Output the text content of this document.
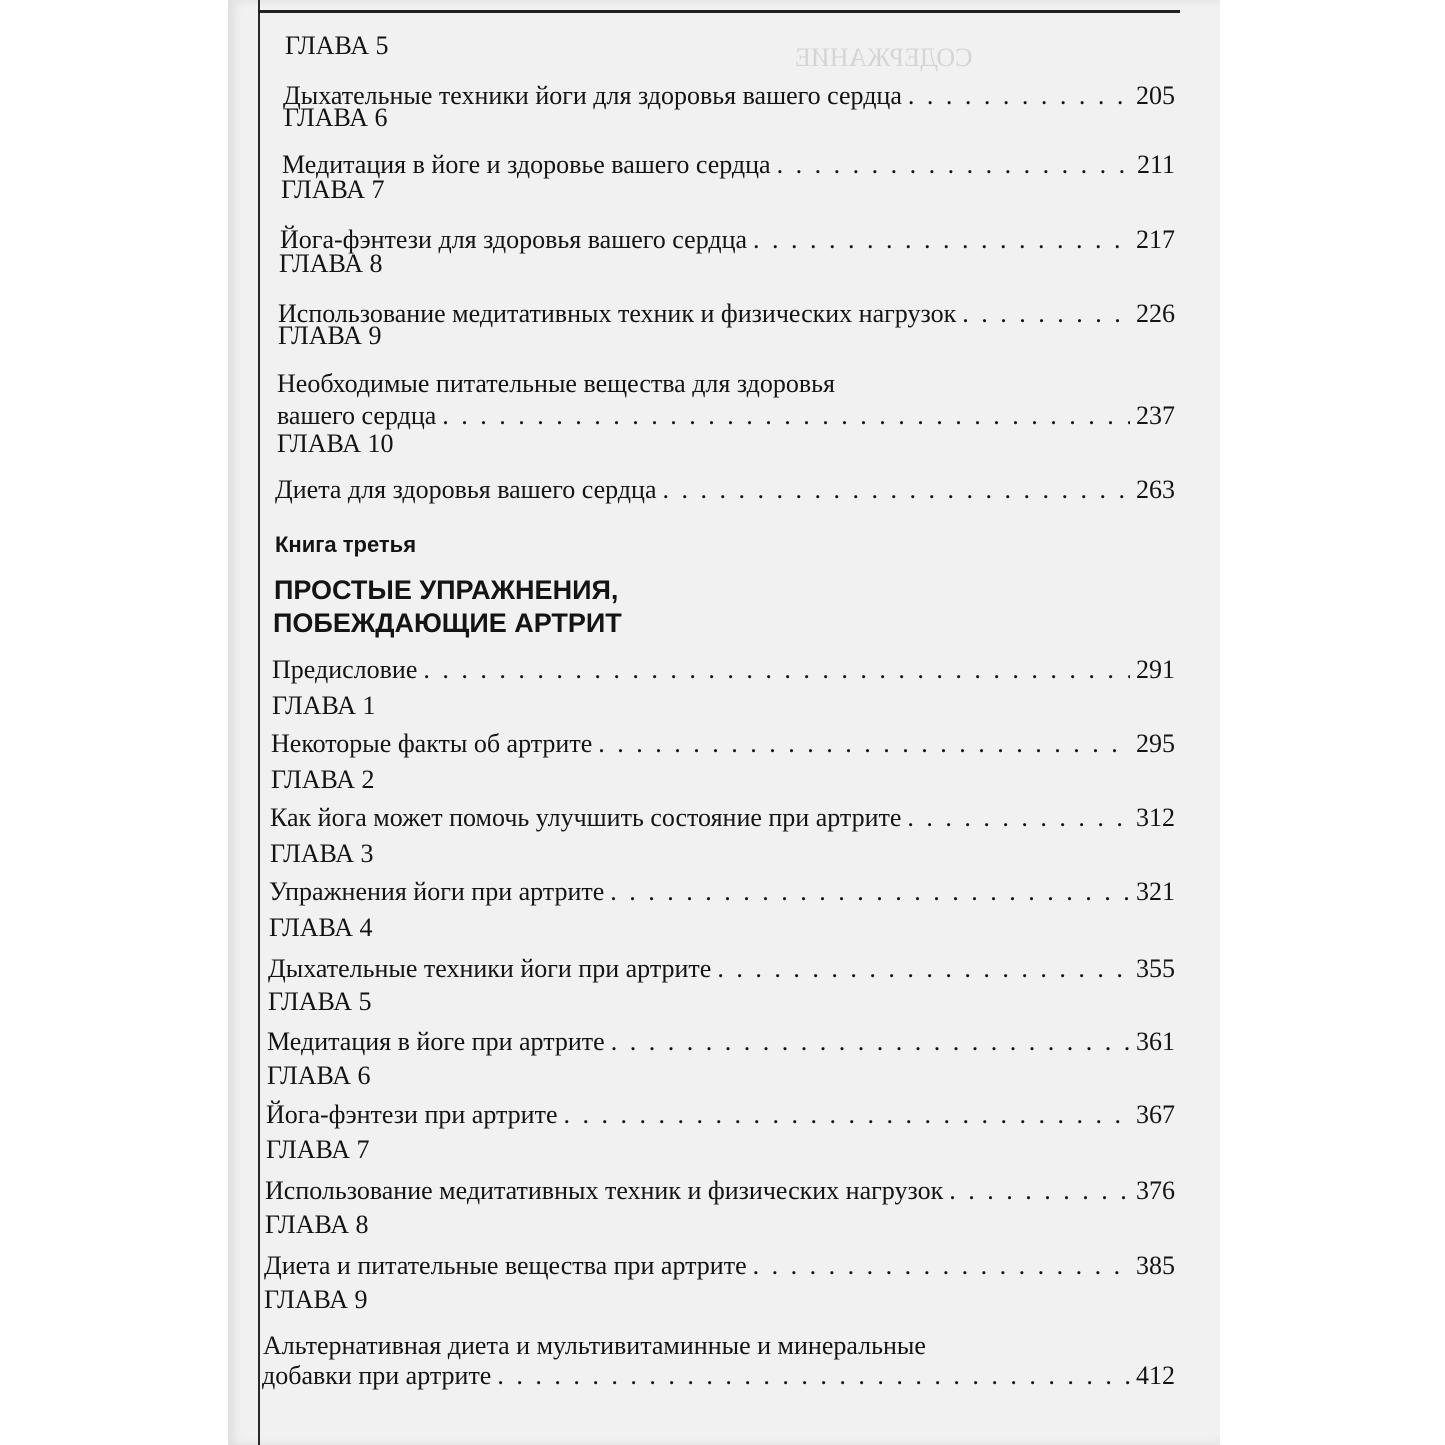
СОДЕРЖАНИЕ
ГЛАВА 5
Дыхательные техники йоги для здоровья вашего сердца . . .	205
ГЛАВА 6
Медитация в йоге и здоровье вашего сердца . . .	211
ГЛАВА 7
Йога-фэнтези для здоровья вашего сердца . . .	217
ГЛАВА 8
Использование медитативных техник и физических нагрузок . . .	226
ГЛАВА 9
Необходимые питательные вещества для здоровья
вашего сердца . . .	237
ГЛАВА 10
Диета для здоровья вашего сердца . . .	263
Книга третья
ПРОСТЫЕ УПРАЖНЕНИЯ,
ПОБЕЖДАЮЩИЕ АРТРИТ
Предисловие . . .	291
ГЛАВА 1
Некоторые факты об артрите . . .	295
ГЛАВА 2
Как йога может помочь улучшить состояние при артрите . . .	312
ГЛАВА 3
Упражнения йоги при артрите . . .	321
ГЛАВА 4
Дыхательные техники йоги при артрите . . .	355
ГЛАВА 5
Медитация в йоге при артрите . . .	361
ГЛАВА 6
Йога-фэнтези при артрите . . .	367
ГЛАВА 7
Использование медитативных техник и физических нагрузок . . .	376
ГЛАВА 8
Диета и питательные вещества при артрите . . .	385
ГЛАВА 9
Альтернативная диета и мультивитаминные и минеральные
добавки при артрите . . .	412
